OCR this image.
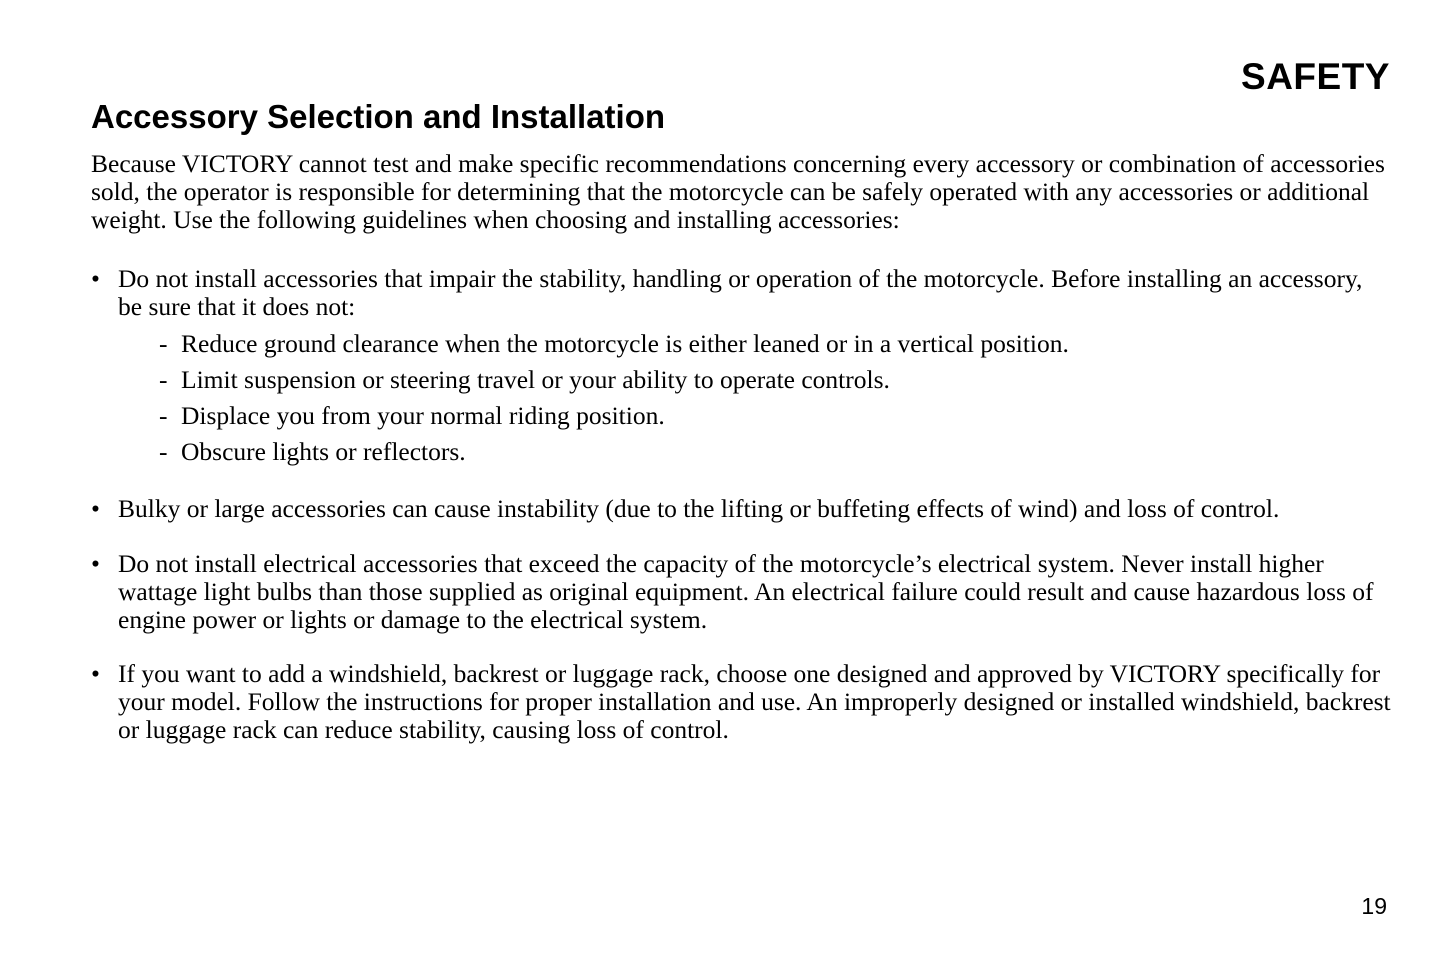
SAFETY
Accessory Selection and Installation

Because VICTORY cannot test and make specific recommendations concerning every accessory or combination of accessories sold, the operator is responsible for determining that the motorcycle can be safely operated with any accessories or additional weight. Use the following guidelines when choosing and installing accessories:

• Do not install accessories that impair the stability, handling or operation of the motorcycle. Before installing an accessory, be sure that it does not:
- Reduce ground clearance when the motorcycle is either leaned or in a vertical position.
- Limit suspension or steering travel or your ability to operate controls.
- Displace you from your normal riding position.
- Obscure lights or reflectors.
• Bulky or large accessories can cause instability (due to the lifting or buffeting effects of wind) and loss of control.
• Do not install electrical accessories that exceed the capacity of the motorcycle’s electrical system. Never install higher wattage light bulbs than those supplied as original equipment. An electrical failure could result and cause hazardous loss of engine power or lights or damage to the electrical system.
• If you want to add a windshield, backrest or luggage rack, choose one designed and approved by VICTORY specifically for your model. Follow the instructions for proper installation and use. An improperly designed or installed windshield, backrest or luggage rack can reduce stability, causing loss of control.

19
